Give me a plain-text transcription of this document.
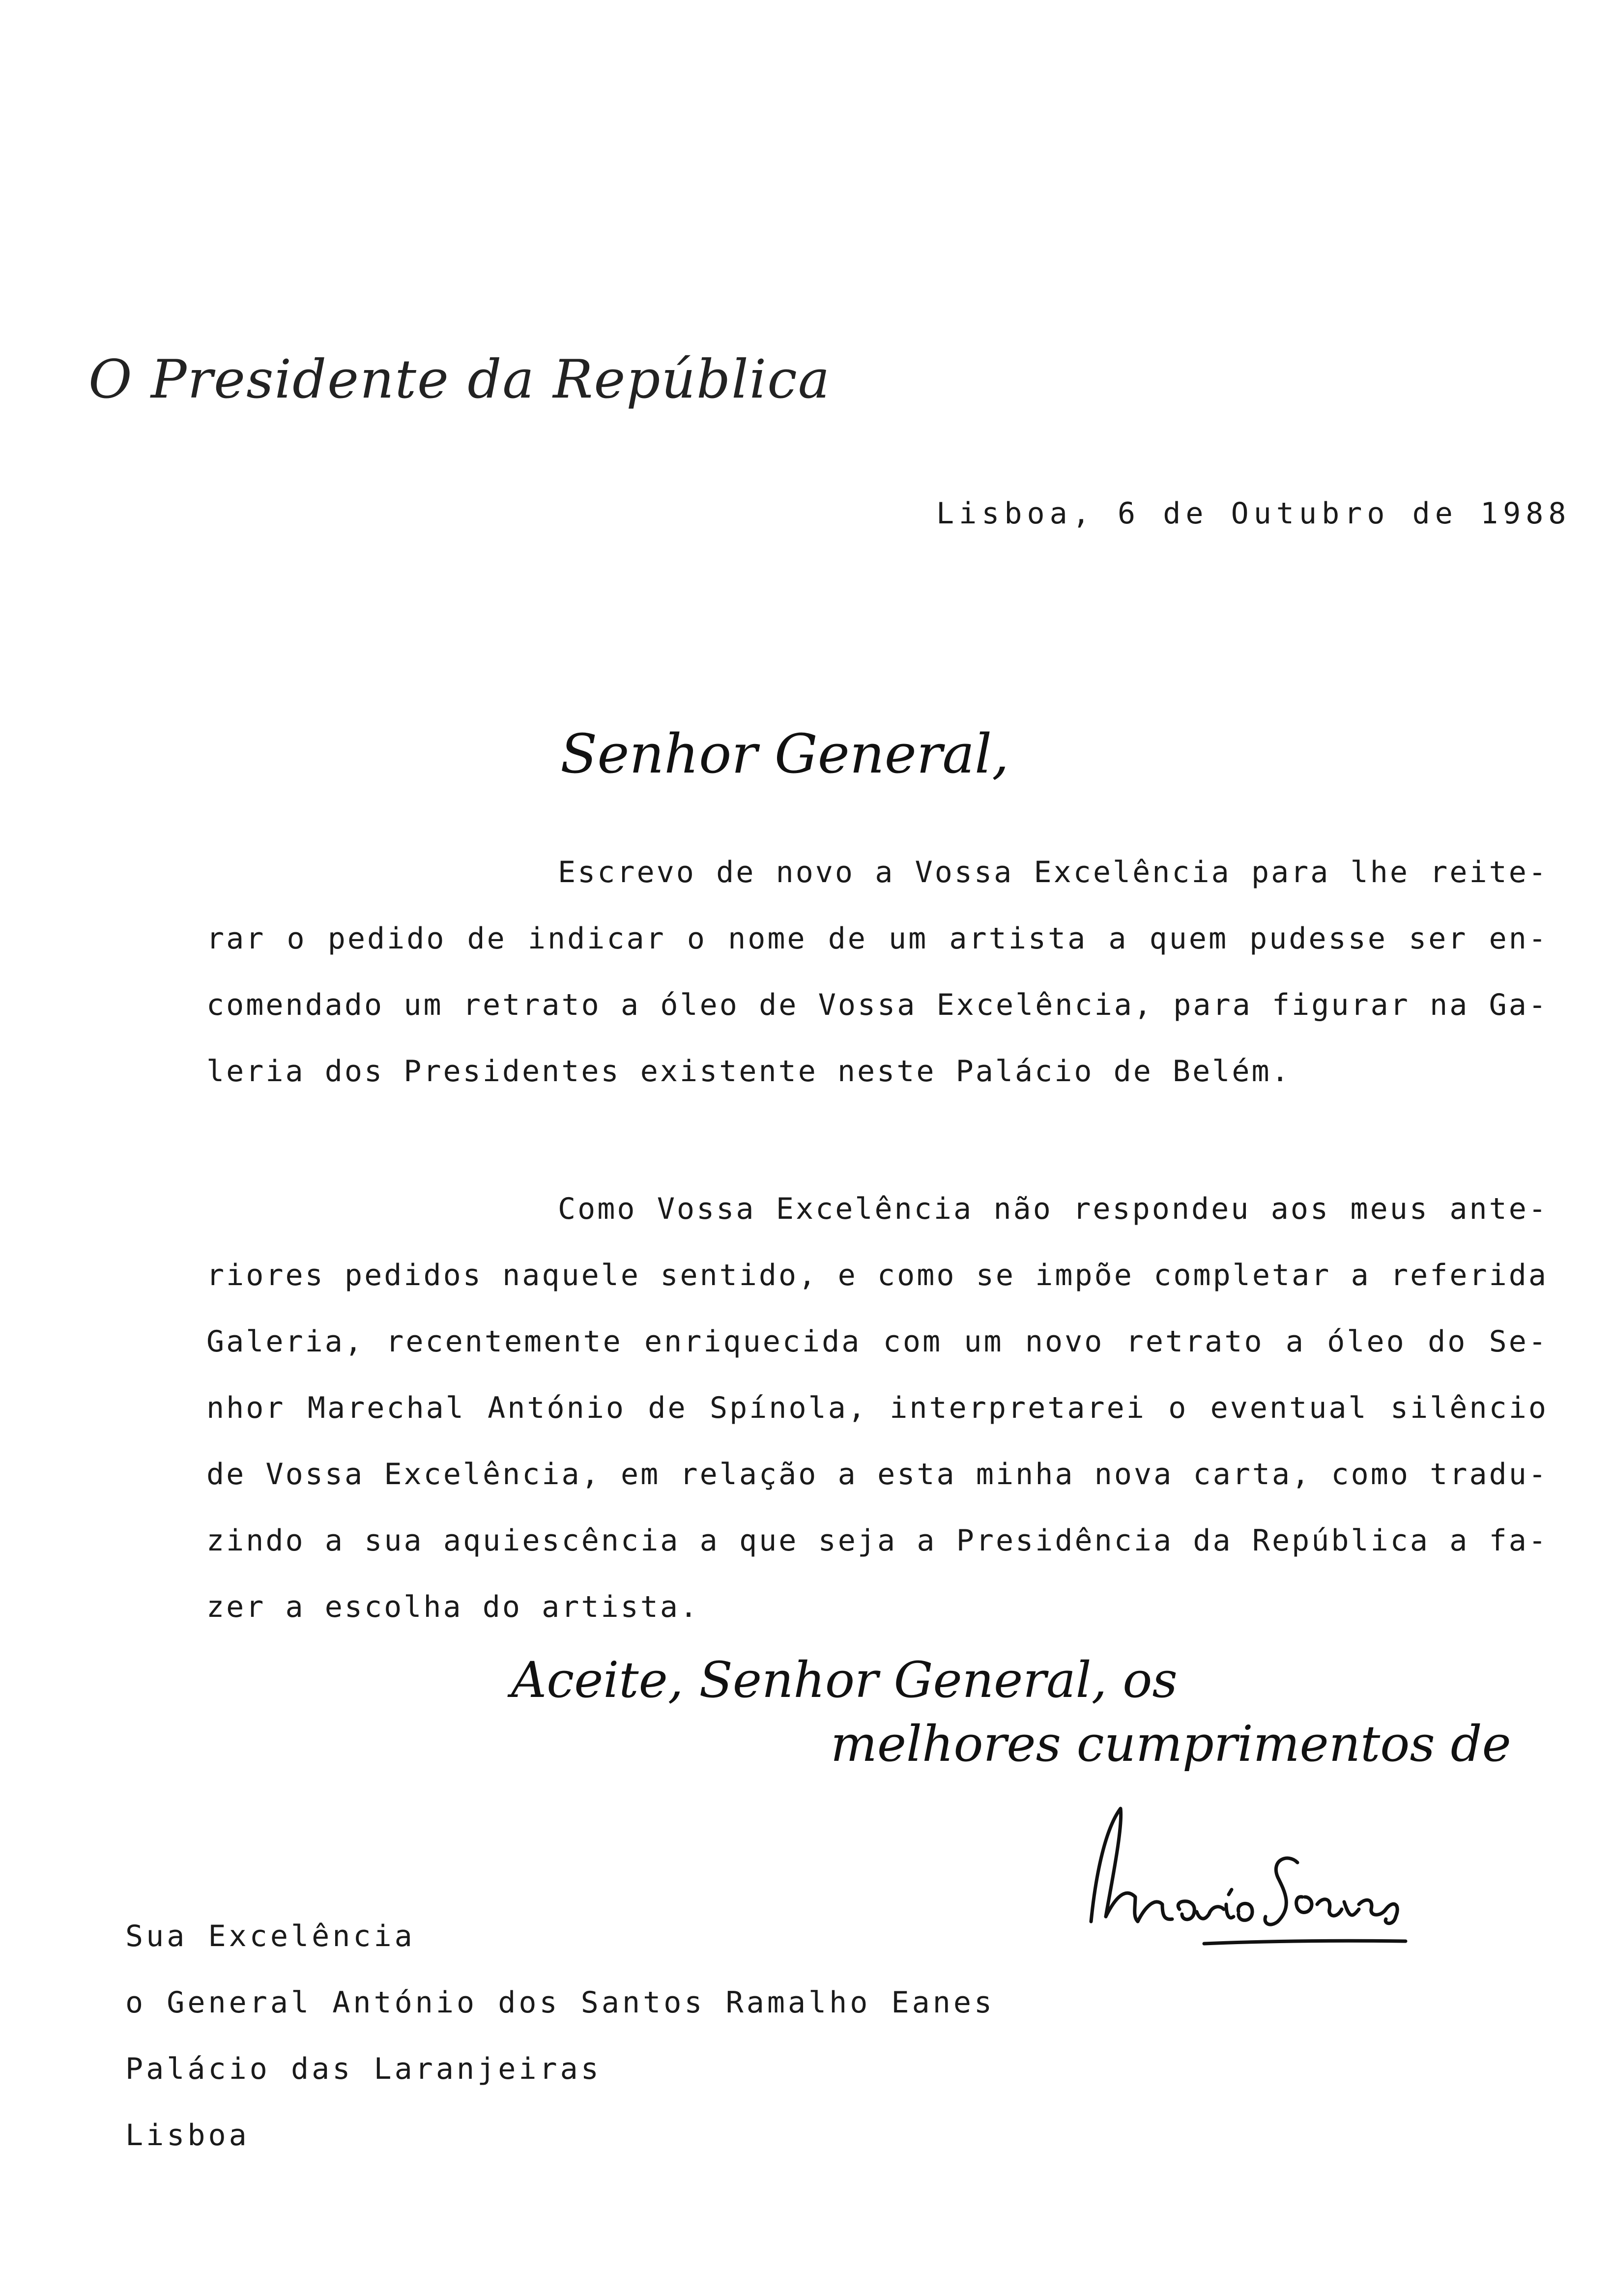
O Presidente da República
Lisboa, 6 de Outubro de 1988
Senhor General,
Escrevo de novo a Vossa Excelência para lhe reite-
rar o pedido de indicar o nome de um artista a quem pudesse ser en-
comendado um retrato a óleo de Vossa Excelência, para figurar na Ga-
leria dos Presidentes existente neste Palácio de Belém.
Como Vossa Excelência não respondeu aos meus ante-
riores pedidos naquele sentido, e como se impõe completar a referida
Galeria, recentemente enriquecida com um novo retrato a óleo do Se-
nhor Marechal António de Spínola, interpretarei o eventual silêncio
de Vossa Excelência, em relação a esta minha nova carta, como tradu-
zindo a sua aquiescência a que seja a Presidência da República a fa-
zer a escolha do artista.
Aceite, Senhor General, os
melhores cumprimentos de
Mário Soares
Sua Excelência
o General António dos Santos Ramalho Eanes
Palácio das Laranjeiras
Lisboa
